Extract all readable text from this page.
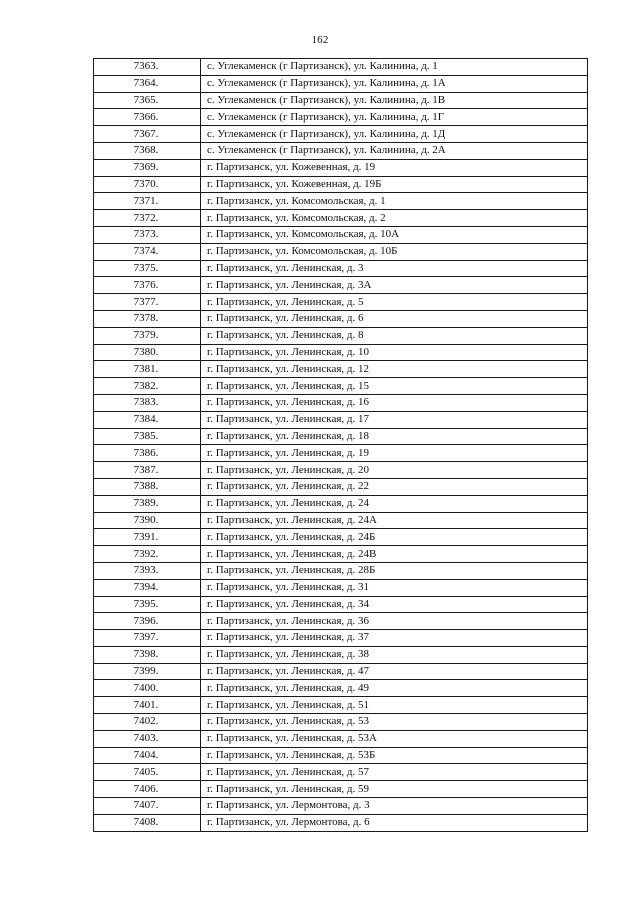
162
7363.	с. Углекаменск (г Партизанск), ул. Калинина, д. 1
7364.	с. Углекаменск (г Партизанск), ул. Калинина, д. 1А
7365.	с. Углекаменск (г Партизанск), ул. Калинина, д. 1В
7366.	с. Углекаменск (г Партизанск), ул. Калинина, д. 1Г
7367.	с. Углекаменск (г Партизанск), ул. Калинина, д. 1Д
7368.	с. Углекаменск (г Партизанск), ул. Калинина, д. 2А
7369.	г. Партизанск, ул. Кожевенная, д. 19
7370.	г. Партизанск, ул. Кожевенная, д. 19Б
7371.	г. Партизанск, ул. Комсомольская, д. 1
7372.	г. Партизанск, ул. Комсомольская, д. 2
7373.	г. Партизанск, ул. Комсомольская, д. 10А
7374.	г. Партизанск, ул. Комсомольская, д. 10Б
7375.	г. Партизанск, ул. Ленинская, д. 3
7376.	г. Партизанск, ул. Ленинская, д. 3А
7377.	г. Партизанск, ул. Ленинская, д. 5
7378.	г. Партизанск, ул. Ленинская, д. 6
7379.	г. Партизанск, ул. Ленинская, д. 8
7380.	г. Партизанск, ул. Ленинская, д. 10
7381.	г. Партизанск, ул. Ленинская, д. 12
7382.	г. Партизанск, ул. Ленинская, д. 15
7383.	г. Партизанск, ул. Ленинская, д. 16
7384.	г. Партизанск, ул. Ленинская, д. 17
7385.	г. Партизанск, ул. Ленинская, д. 18
7386.	г. Партизанск, ул. Ленинская, д. 19
7387.	г. Партизанск, ул. Ленинская, д. 20
7388.	г. Партизанск, ул. Ленинская, д. 22
7389.	г. Партизанск, ул. Ленинская, д. 24
7390.	г. Партизанск, ул. Ленинская, д. 24А
7391.	г. Партизанск, ул. Ленинская, д. 24Б
7392.	г. Партизанск, ул. Ленинская, д. 24В
7393.	г. Партизанск, ул. Ленинская, д. 28Б
7394.	г. Партизанск, ул. Ленинская, д. 31
7395.	г. Партизанск, ул. Ленинская, д. 34
7396.	г. Партизанск, ул. Ленинская, д. 36
7397.	г. Партизанск, ул. Ленинская, д. 37
7398.	г. Партизанск, ул. Ленинская, д. 38
7399.	г. Партизанск, ул. Ленинская, д. 47
7400.	г. Партизанск, ул. Ленинская, д. 49
7401.	г. Партизанск, ул. Ленинская, д. 51
7402.	г. Партизанск, ул. Ленинская, д. 53
7403.	г. Партизанск, ул. Ленинская, д. 53А
7404.	г. Партизанск, ул. Ленинская, д. 53Б
7405.	г. Партизанск, ул. Ленинская, д. 57
7406.	г. Партизанск, ул. Ленинская, д. 59
7407.	г. Партизанск, ул. Лермонтова, д. 3
7408.	г. Партизанск, ул. Лермонтова, д. 6
